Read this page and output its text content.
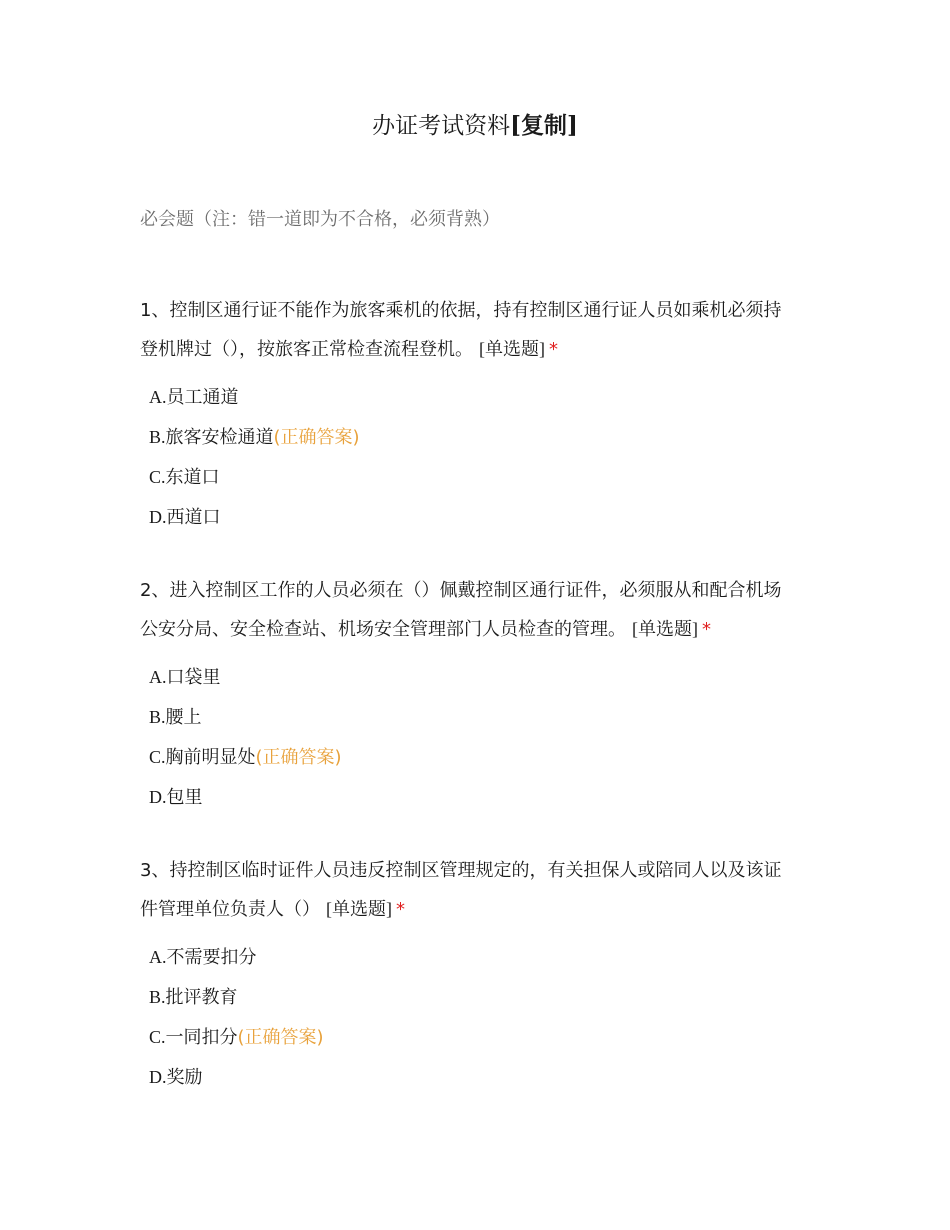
办证考试资料[复制]
必会题（注：错一道即为不合格，必须背熟）

1、控制区通行证不能作为旅客乘机的依据，持有控制区通行证人员如乘机必须持
登机牌过（），按旅客正常检查流程登机。 [单选题] *

A.员工通道
B.旅客安检通道(正确答案)
C.东道口
D.西道口

2、进入控制区工作的人员必须在（）佩戴控制区通行证件，必须服从和配合机场
公安分局、安全检查站、机场安全管理部门人员检查的管理。 [单选题] *

A.口袋里
B.腰上
C.胸前明显处(正确答案)
D.包里

3、持控制区临时证件人员违反控制区管理规定的，有关担保人或陪同人以及该证
件管理单位负责人（） [单选题] *

A.不需要扣分
B.批评教育
C.一同扣分(正确答案)
D.奖励
